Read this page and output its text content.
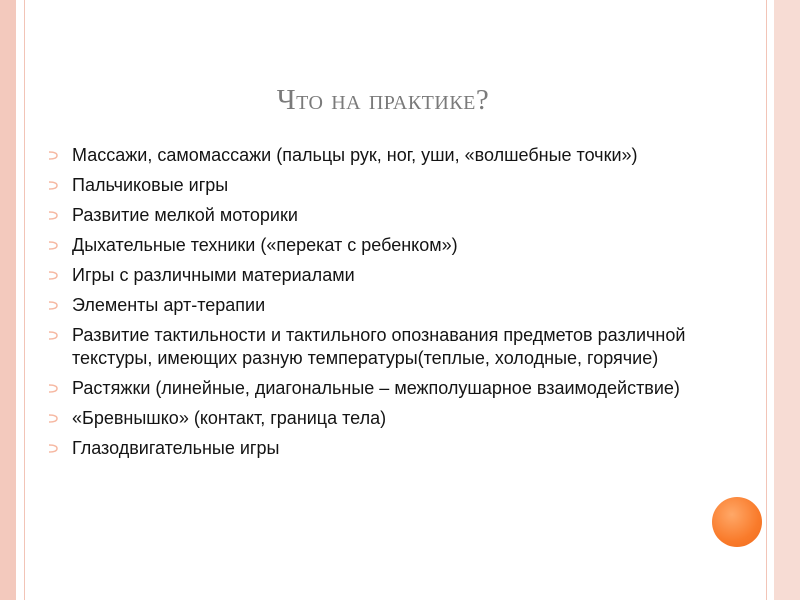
Что на практике?
Массажи, самомассажи (пальцы рук, ног, уши, «волшебные точки»)
Пальчиковые игры
Развитие мелкой моторики
Дыхательные техники («перекат с ребенком»)
Игры с различными материалами
Элементы арт-терапии
Развитие тактильности и тактильного опознавания предметов различной текстуры, имеющих разную температуры(теплые, холодные, горячие)
Растяжки (линейные, диагональные – межполушарное взаимодействие)
«Бревнышко» (контакт, граница тела)
Глазодвигательные игры
